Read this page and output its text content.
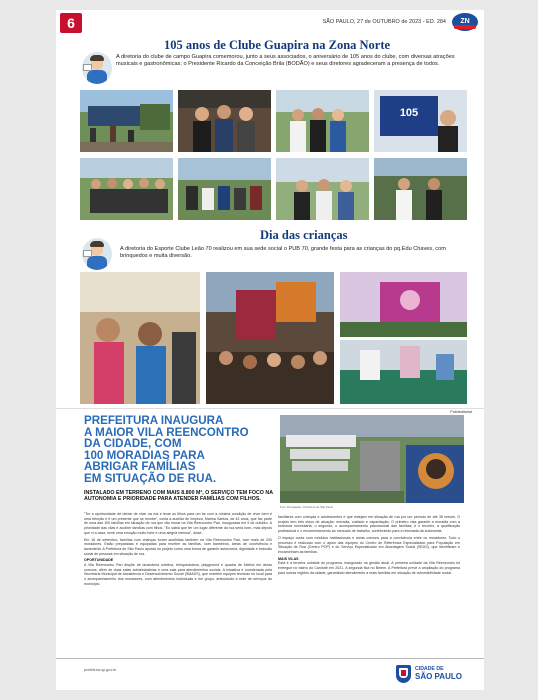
6	SÃO PAULO, 27 de OUTUBRO de 2023 - ED. 284	ZN
105 anos de Clube Guapira na Zona Norte
A diretoria do clube de campo Guapira comemorou, junto a seus associados, o aniversário de 105 anos do clube, com diversas atrações musicais e gastronômicas; o Presidente Ricardo da Conceição Brila (BODÃO) e seus diretores agradeceram a presença de todos.
105
Dia das crianças
A diretoria do Esporte Clube Leão 70 realizou em sua sede social o PUB 70, grande festa para as crianças do pq.Edu Chaves, com brinquedos e muita diversão.
Publieditorial
PREFEITURA INAUGURA
A MAIOR VILA REENCONTRO
DA CIDADE, COM
100 MORADIAS PARA
ABRIGAR FAMÍLIAS
EM SITUAÇÃO DE RUA.
INSTALADO EM TERRENO COM MAIS 8.800 M², O SERVIÇO TEM FOCO NA AUTONOMIA E PRIORIDADE PARA ATENDER FAMÍLIAS COM FILHOS.
Foto: Divulgação / Prefeitura de São Paulo

"Ter a oportunidade de deixar de viver na rua e levar os filhos para um lar com a mínima condição de viver bem é uma bênção e é um presente que se recebe", conta a auxiliar de limpeza, Marina Santos, de 42 anos, que faz parte de uma das 100 famílias em situação de rua que vão morar na Vila Reencontro Pari, inaugurada em 9 de outubro. A prioridade das vilas é acolher famílias com filhos. "Eu sabia que ter um lugar diferente da rua seria bom, mas depois que vi a casa, senti uma emoção muito forte e uma alegria imensa", disse.

Em 16 de setembro, famílias com crianças foram acolhidas também na Vila Reencontro Pari, com mais de 200 moradores. Estão preparadas e equipadas para receber as famílias, com banheiros, áreas de convivência e lavanderia. A Prefeitura de São Paulo aposta no projeto como uma forma de garantir autonomia, dignidade e inclusão social de pessoas em situação de rua.

OPORTUNIDADE

A Vila Reencontro Pari dispõe de lavanderia coletiva, brinquedoteca, playground e quadra de futebol em áreas comuns, além de duas salas administrativas e uma sala para atendimentos sociais. A iniciativa é coordenada pela Secretaria Municipal de Assistência e Desenvolvimento Social (SMADS), que mantém equipes técnicas no local para o acompanhamento dos moradores, com atendimentos individuais e em grupo, articulando a rede de serviços do município.

familiares com crianças e adolescentes e que estejam em situação de rua por um período de até 36 meses. O projeto tem três eixos de atuação: moradia, cuidado e capacitação. O primeiro visa garantir a moradia com a estrutura necessária; o segundo, o acompanhamento psicossocial das famílias; e o terceiro, a qualificação profissional e o encaminhamento ao mercado de trabalho, contribuindo para a retomada da autonomia.

O espaço conta com módulos habitacionais e áreas comuns para a convivência entre os moradores. Todo o processo é realizado com o apoio das equipes do Centro de Referência Especializado para População em Situação de Rua (Centro POP) e do Serviço Especializado em Abordagem Social (SEAS), que identificam e encaminham as famílias.

MAIS VILAS

Esta é a terceira unidade do programa, inaugurado na gestão atual. A primeira unidade da Vila Reencontro foi entregue no bairro do Canindé em 2021. A segunda fica no Belém. A Prefeitura prevê a ampliação do programa para outras regiões da cidade, garantindo atendimento a mais famílias em situação de vulnerabilidade social.

prefeitura.sp.gov.br	CIDADE DE
SÃO PAULO
